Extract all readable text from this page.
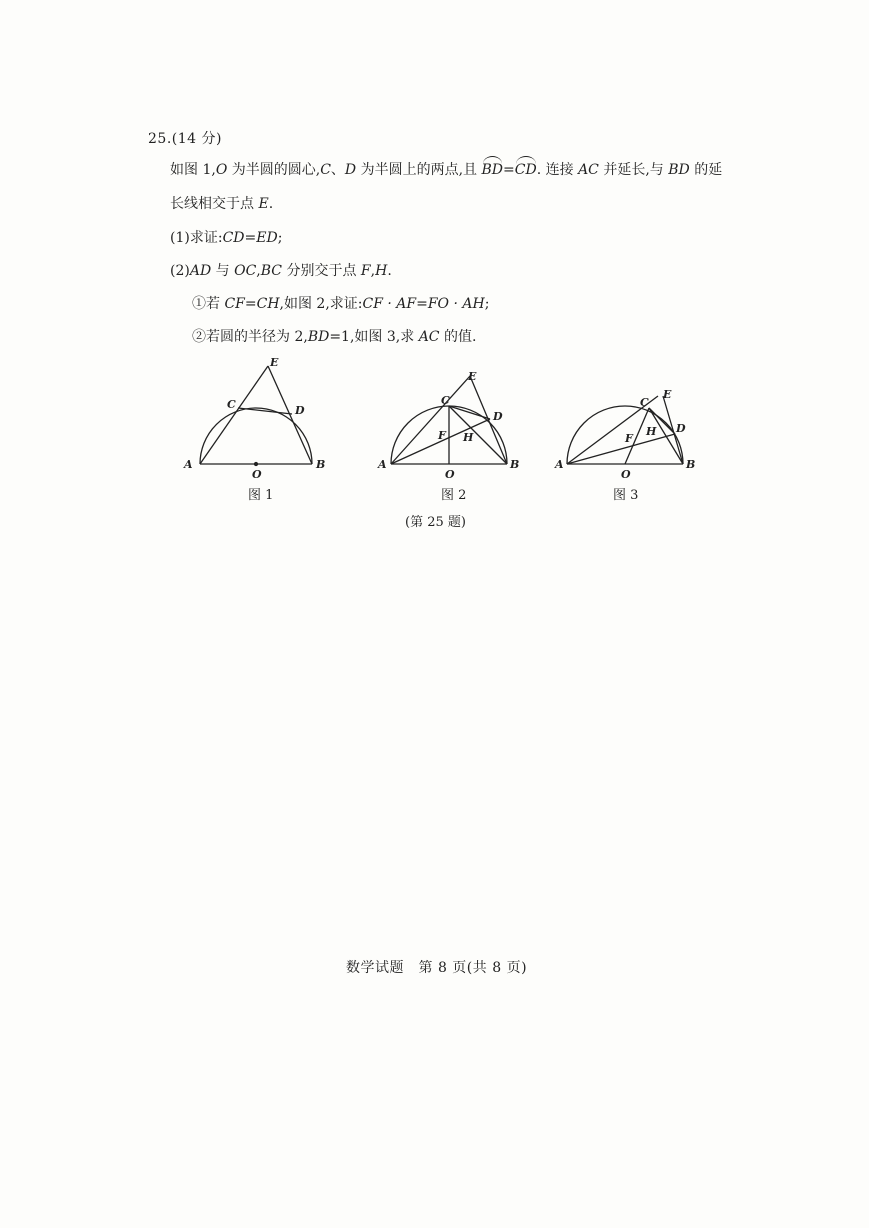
25.(14 分)
如图 1,O 为半圆的圆心,C、D 为半圆上的两点,且 BD=CD. 连接 AC 并延长,与 BD 的延
长线相交于点 E.
(1)求证:CD=ED;
(2)AD 与 OC,BC 分别交于点 F,H.
①若 CF=CH,如图 2,求证:CF · AF=FO · AH;
②若圆的半径为 2,BD=1,如图 3,求 AC 的值.
A	B
O
C	D
E
A	B
O
C
D
E
F H
A	B
O
C
D
E
F
H
图 1	图 2	图 3
(第 25 题)
数学试题　第 8 页(共 8 页)
